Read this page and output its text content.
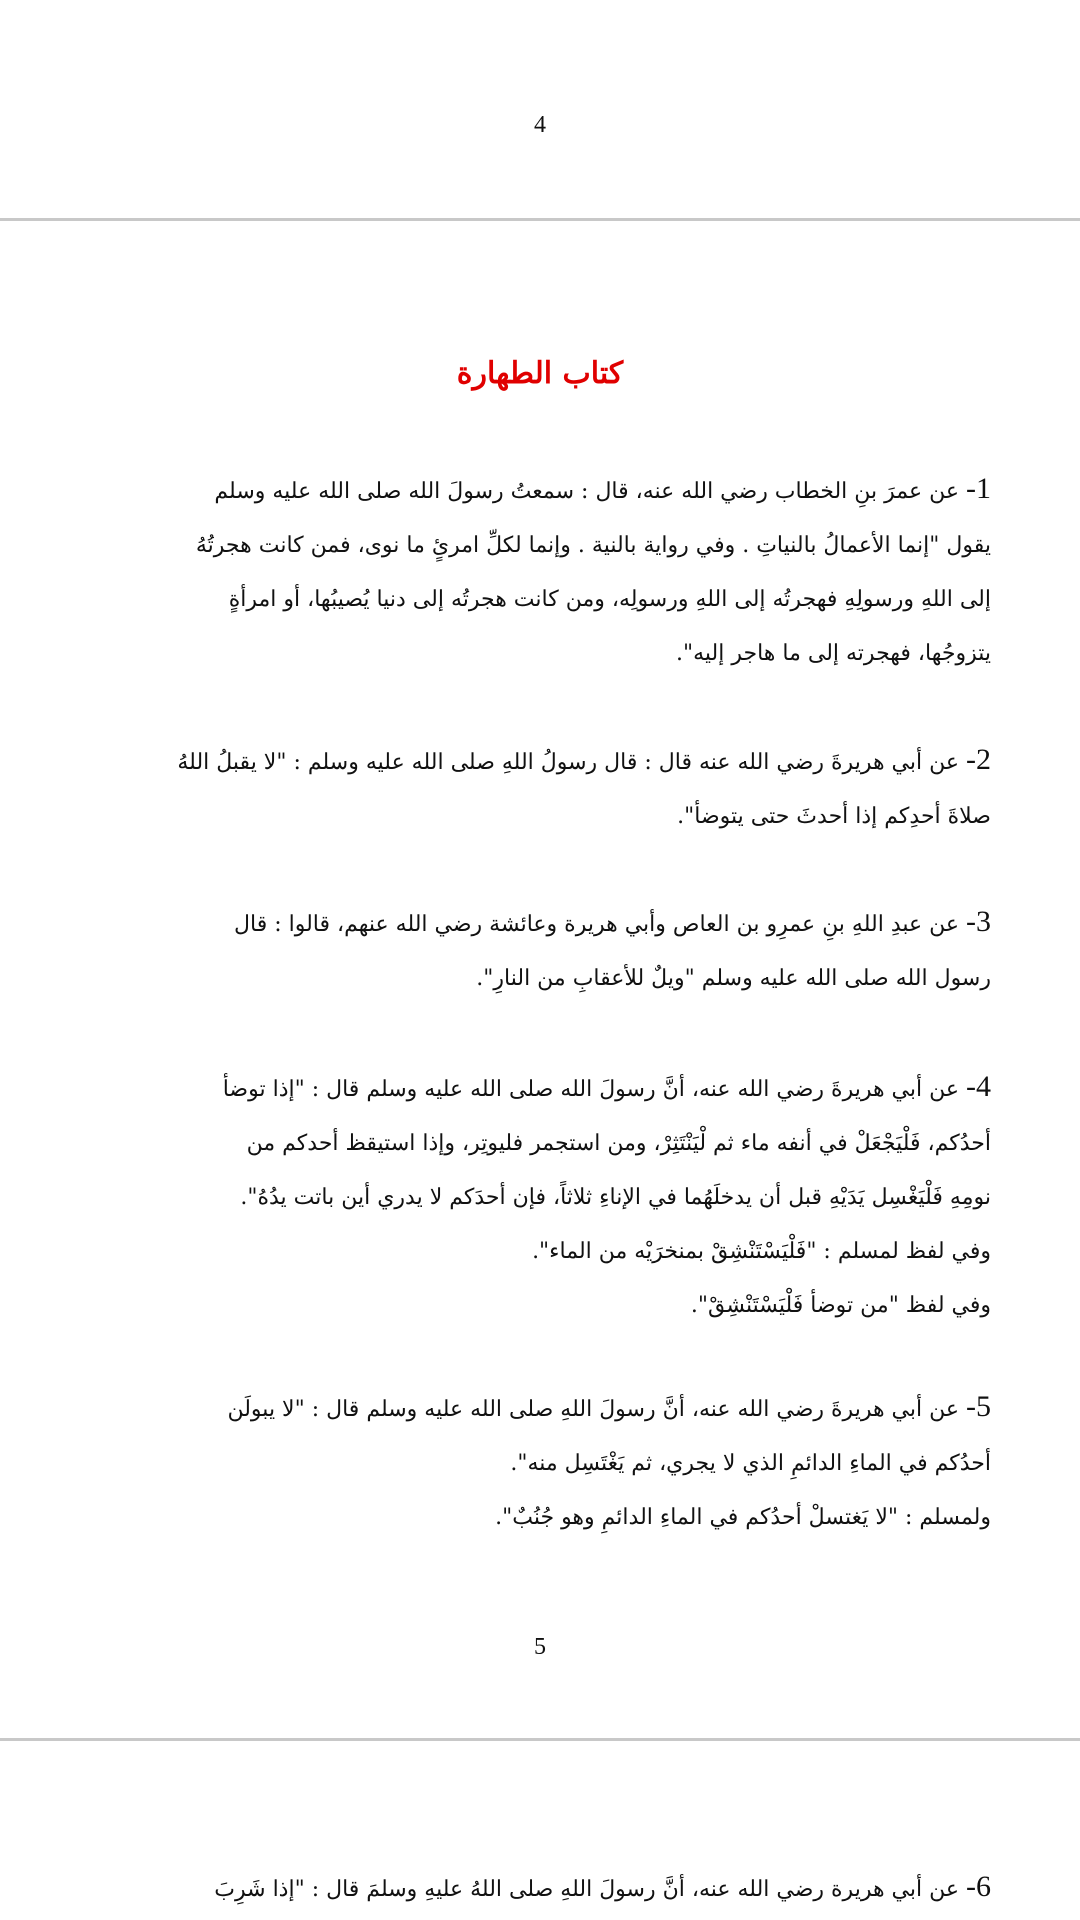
4
كتاب الطهارة
1- عن عمرَ بنِ الخطاب رضي الله عنه، قال : سمعتُ رسولَ الله صلى الله عليه وسلم
يقول "إنما الأعمالُ بالنياتِ . وفي رواية بالنية . وإنما لكلِّ امرئٍ ما نوى، فمن كانت هجرتُهُ
إلى اللهِ ورسولِهِ فهجرتُه إلى اللهِ ورسولِه، ومن كانت هجرتُه إلى دنيا يُصيبُها، أو امرأةٍ
يتزوجُها، فهجرته إلى ما هاجر إليه".
2- عن أبي هريرةَ رضي الله عنه قال : قال رسولُ اللهِ صلى الله عليه وسلم : "لا يقبلُ اللهُ
صلاةَ أحدِكم إذا أحدثَ حتى يتوضأ".
3- عن عبدِ اللهِ بنِ عمرِو بن العاص وأبي هريرة وعائشة رضي الله عنهم، قالوا : قال
رسول الله صلى الله عليه وسلم "ويلٌ للأعقابِ من النارِ".
4- عن أبي هريرةَ رضي الله عنه، أنَّ رسولَ الله صلى الله عليه وسلم قال : "إذا توضأ
أحدُكم، فَلْيَجْعَلْ في أنفه ماء ثم لْيَنْتَثِرْ، ومن استجمر فليوتِر، وإذا استيقظ أحدكم من
نومِهِ فَلْيَغْسِل يَدَيْهِ قبل أن يدخلَهُما في الإناءِ ثلاثاً، فإن أحدَكم لا يدري أين باتت يدُهُ".
وفي لفظ لمسلم : "فَلْيَسْتَنْشِقْ بمنخرَيْه من الماء".
وفي لفظ "من توضأ فَلْيَسْتَنْشِقْ".
5- عن أبي هريرةَ رضي الله عنه، أنَّ رسولَ اللهِ صلى الله عليه وسلم قال : "لا يبولَن
أحدُكم في الماءِ الدائمِ الذي لا يجري، ثم يَغْتَسِل منه".
ولمسلم : "لا يَغتسلْ أحدُكم في الماءِ الدائمِ وهو جُنُبٌ".
5
6- عن أبي هريرة رضي الله عنه، أنَّ رسولَ اللهِ صلى اللهُ عليهِ وسلمَ قال : "إذا شَرِبَ
